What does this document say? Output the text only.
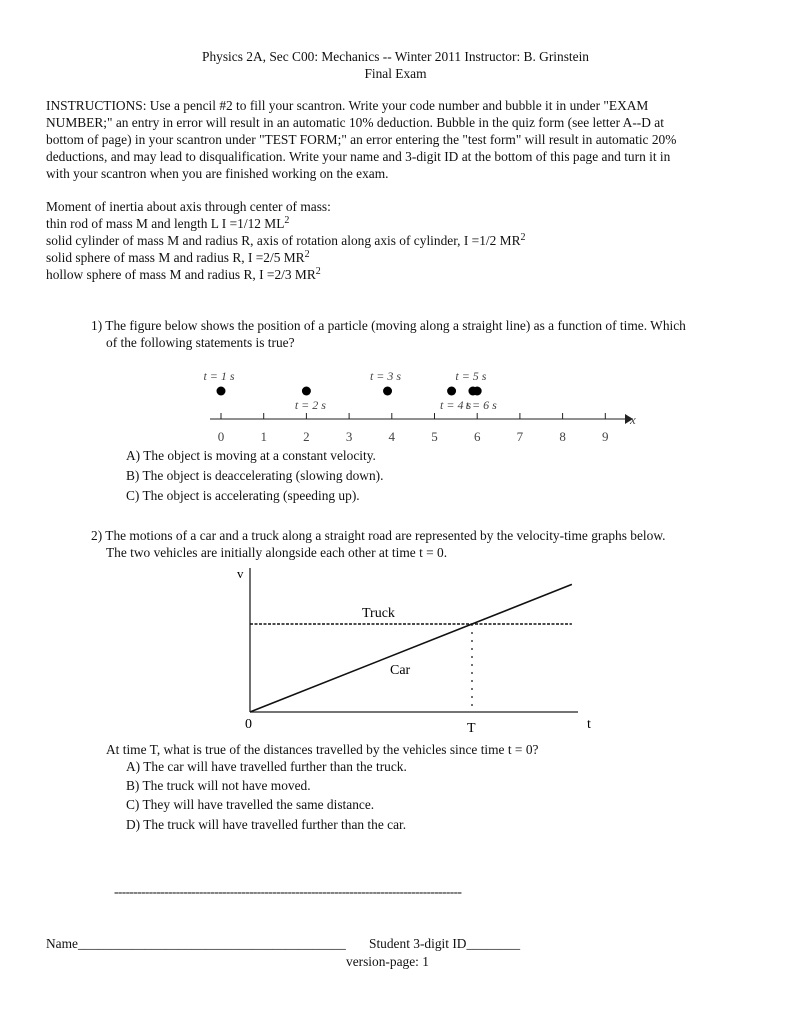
Physics 2A, Sec C00: Mechanics -- Winter 2011 Instructor: B. Grinstein
Final Exam
INSTRUCTIONS: Use a pencil #2 to fill your scantron. Write your code number and bubble it in under "EXAM
NUMBER;" an entry in error will result in an automatic 10% deduction. Bubble in the quiz form (see letter A--D at
bottom of page) in your scantron under "TEST FORM;" an error entering the "test form" will result in automatic 20%
deductions, and may lead to disqualification. Write your name and 3-digit ID at the bottom of this page and turn it in
with your scantron when you are finished working on the exam.
Moment of inertia about axis through center of mass:
thin rod of mass M and length L I =1/12 $ML^2$
solid cylinder of mass M and radius R, axis of rotation along axis of cylinder, I =1/2 $MR^2$
solid sphere of mass M and radius R, I =2/5 $MR^2$
hollow sphere of mass M and radius R, I =2/3 $MR^2$
1) The figure below shows the position of a particle (moving along a straight line) as a function of time. Which
of the following statements is true?
x
0	1	2	3	4	5	6	7	8	9
t = 1 s
t = 2 s
t = 3 s
t = 4 s
t = 5 s
t = 6 s
A) The object is moving at a constant velocity.
B) The object is deaccelerating (slowing down).
C) The object is accelerating (speeding up).
2) The motions of a car and a truck along a straight road are represented by the velocity-time graphs below.
The two vehicles are initially alongside each other at time t = 0.
v
t
Truck
Car
0	T
At time T, what is true of the distances travelled by the vehicles since time t = 0?
A) The car will have travelled further than the truck.
B) The truck will not have moved.
C) They will have travelled the same distance.
D) The truck will have travelled further than the car.
------------------------------------------------------------------------------------------
Name________________________________________ Student 3-digit ID________
version-page: 1
